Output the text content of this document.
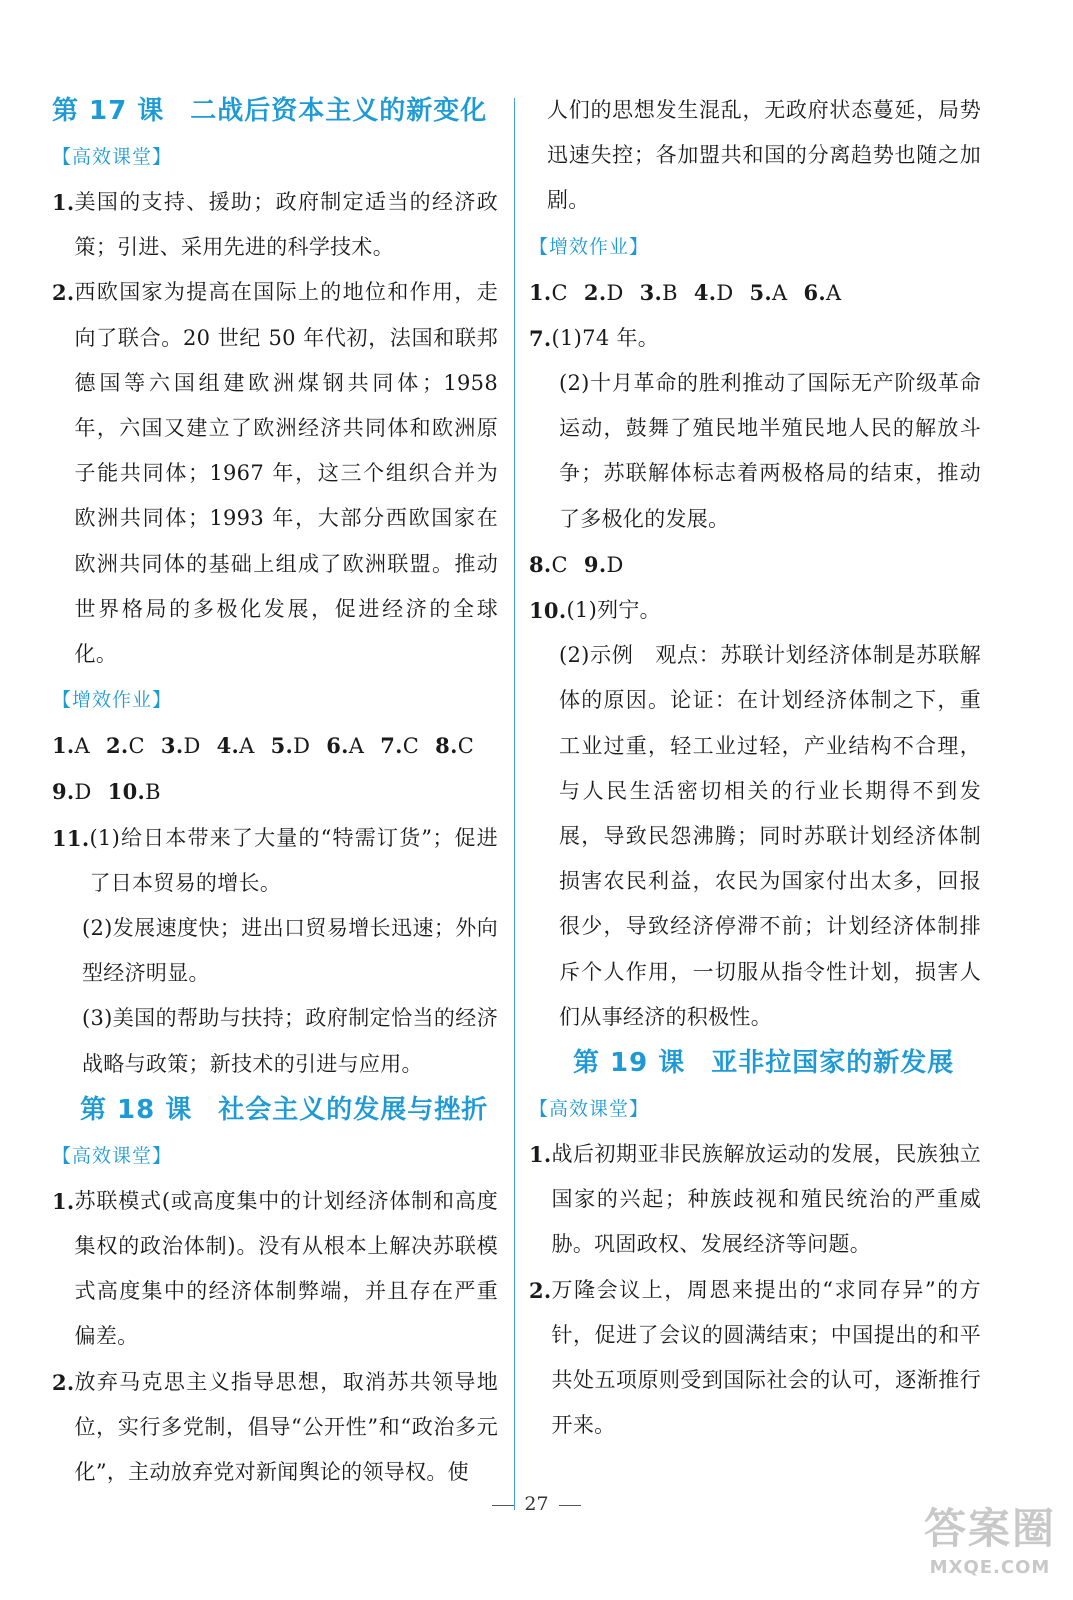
第 17 课 二战后资本主义的新变化
【高效课堂】
1. 美国的支持、援助；政府制定适当的经济政策；引进、采用先进的科学技术。
2. 西欧国家为提高在国际上的地位和作用，走向了联合。20 世纪 50 年代初，法国和联邦德国等六国组建欧洲煤钢共同体；1958 年，六国又建立了欧洲经济共同体和欧洲原子能共同体；1967 年，这三个组织合并为欧洲共同体；1993 年，大部分西欧国家在欧洲共同体的基础上组成了欧洲联盟。推动世界格局的多极化发展，促进经济的全球化。
【增效作业】
1.A 2.C 3.D 4.A 5.D 6.A 7.C 8.C
9.D 10.B
11. (1)给日本带来了大量的“特需订货”；促进了日本贸易的增长。
(2)发展速度快；进出口贸易增长迅速；外向型经济明显。
(3)美国的帮助与扶持；政府制定恰当的经济战略与政策；新技术的引进与应用。
第 18 课 社会主义的发展与挫折
【高效课堂】
1. 苏联模式(或高度集中的计划经济体制和高度集权的政治体制)。没有从根本上解决苏联模式高度集中的经济体制弊端，并且存在严重偏差。
2. 放弃马克思主义指导思想，取消苏共领导地位，实行多党制，倡导“公开性”和“政治多元化”，主动放弃党对新闻舆论的领导权。使
人们的思想发生混乱，无政府状态蔓延，局势迅速失控；各加盟共和国的分离趋势也随之加剧。
【增效作业】
1.C 2.D 3.B 4.D 5.A 6.A
7. (1)74 年。
(2)十月革命的胜利推动了国际无产阶级革命运动，鼓舞了殖民地半殖民地人民的解放斗争；苏联解体标志着两极格局的结束，推动了多极化的发展。
8.C 9.D
10. (1)列宁。
(2)示例　观点：苏联计划经济体制是苏联解体的原因。论证：在计划经济体制之下，重工业过重，轻工业过轻，产业结构不合理，与人民生活密切相关的行业长期得不到发展，导致民怨沸腾；同时苏联计划经济体制损害农民利益，农民为国家付出太多，回报很少，导致经济停滞不前；计划经济体制排斥个人作用，一切服从指令性计划，损害人们从事经济的积极性。
第 19 课 亚非拉国家的新发展
【高效课堂】
1. 战后初期亚非民族解放运动的发展，民族独立国家的兴起；种族歧视和殖民统治的严重威胁。巩固政权、发展经济等问题。
2. 万隆会议上，周恩来提出的“求同存异”的方针，促进了会议的圆满结束；中国提出的和平共处五项原则受到国际社会的认可，逐渐推行开来。
27	答案圈
MXQE.COM
